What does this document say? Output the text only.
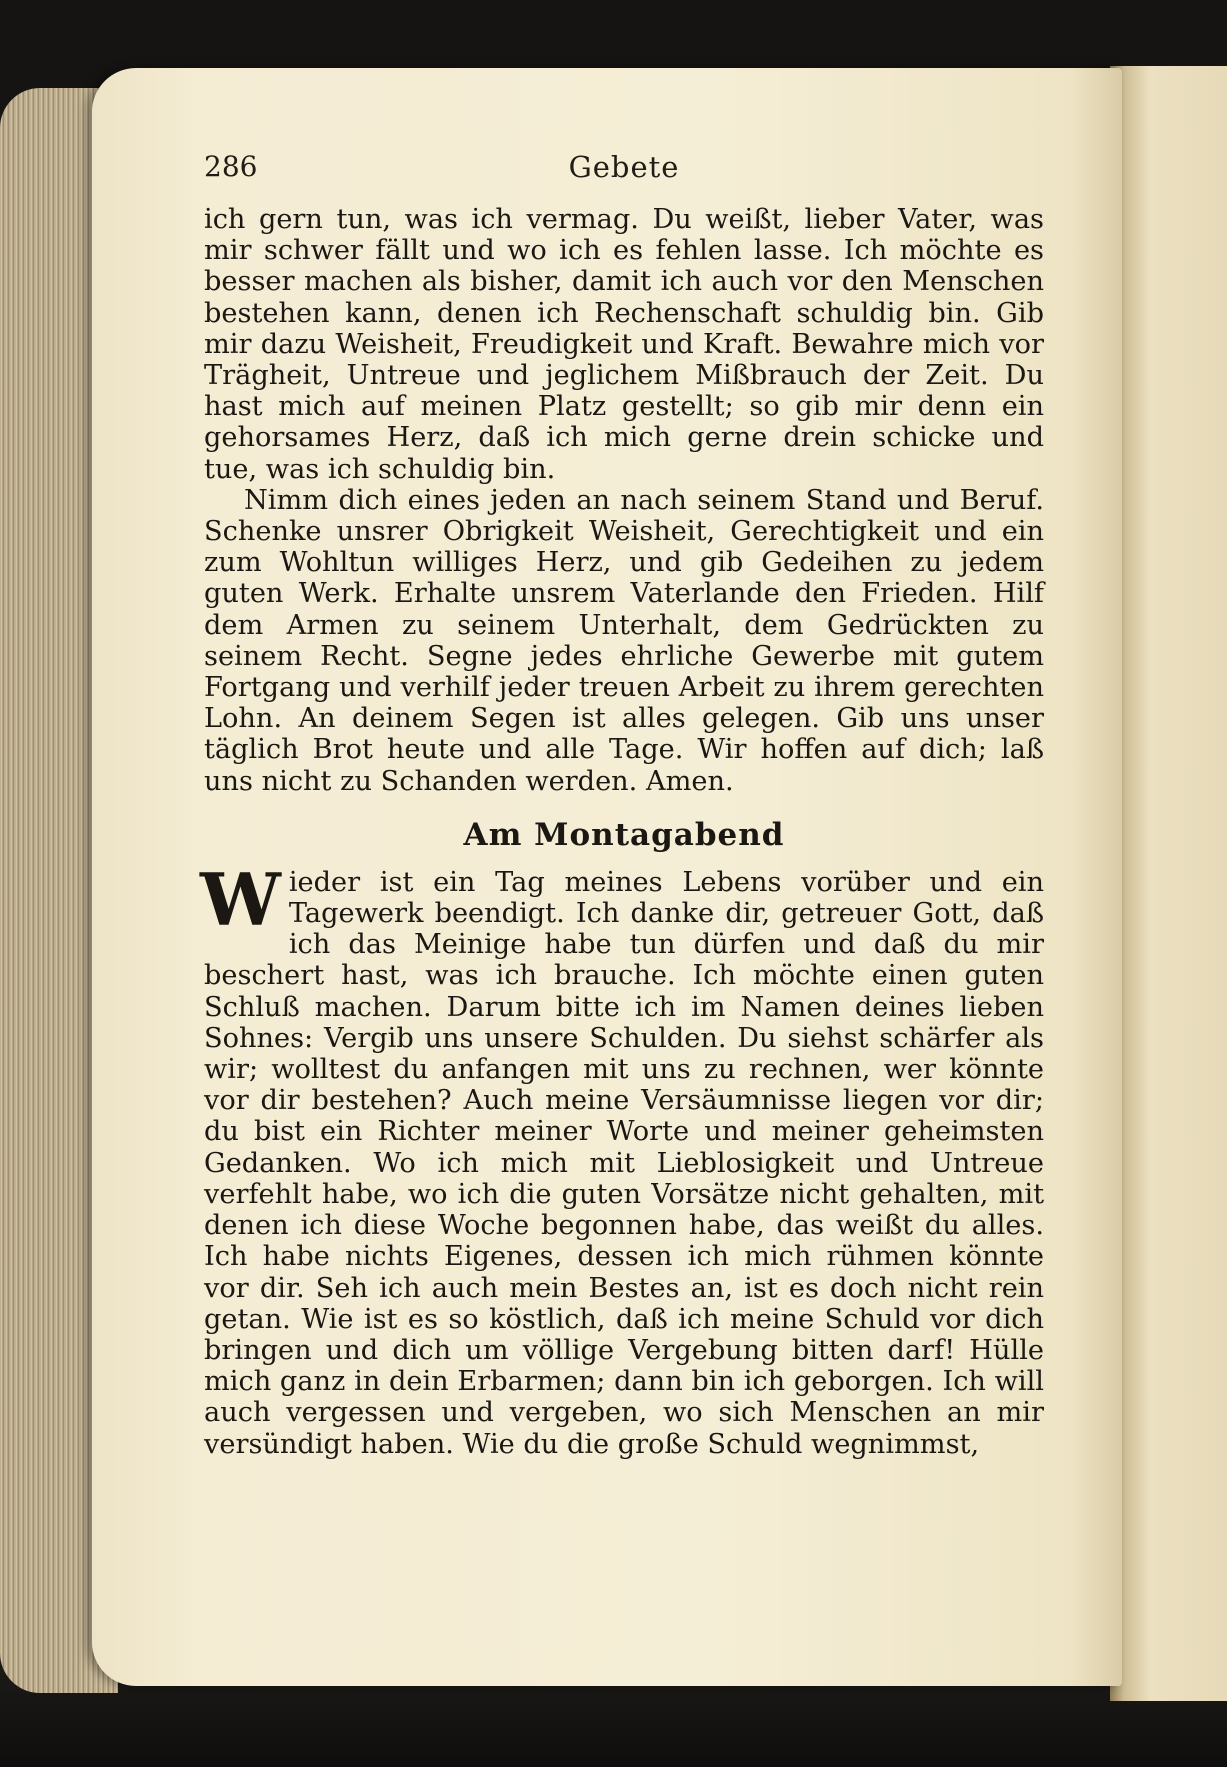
286	Gebete

ich gern tun, was ich vermag. Du weißt, lieber Vater, was mir schwer fällt und wo ich es fehlen lasse. Ich möchte es besser machen als bisher, damit ich auch vor den Menschen bestehen kann, denen ich Rechenschaft schuldig bin. Gib mir dazu Weisheit, Freudigkeit und Kraft. Bewahre mich vor Trägheit, Untreue und jeglichem Mißbrauch der Zeit. Du hast mich auf meinen Platz gestellt; so gib mir denn ein gehorsames Herz, daß ich mich gerne drein schicke und tue, was ich schuldig bin.

Nimm dich eines jeden an nach seinem Stand und Beruf. Schenke unsrer Obrigkeit Weisheit, Gerechtigkeit und ein zum Wohltun williges Herz, und gib Gedeihen zu jedem guten Werk. Erhalte unsrem Vaterlande den Frieden. Hilf dem Armen zu seinem Unterhalt, dem Gedrückten zu seinem Recht. Segne jedes ehrliche Gewerbe mit gutem Fortgang und verhilf jeder treuen Arbeit zu ihrem gerechten Lohn. An deinem Segen ist alles gelegen. Gib uns unser täglich Brot heute und alle Tage. Wir hoffen auf dich; laß uns nicht zu Schanden werden. Amen.

Am Montagabend

Wieder ist ein Tag meines Lebens vorüber und ein Tagewerk beendigt. Ich danke dir, getreuer Gott, daß ich das Meinige habe tun dürfen und daß du mir beschert hast, was ich brauche. Ich möchte einen guten Schluß machen. Darum bitte ich im Namen deines lieben Sohnes: Vergib uns unsere Schulden. Du siehst schärfer als wir; wolltest du anfangen mit uns zu rechnen, wer könnte vor dir bestehen? Auch meine Versäumnisse liegen vor dir; du bist ein Richter meiner Worte und meiner geheimsten Gedanken. Wo ich mich mit Lieblosigkeit und Untreue verfehlt habe, wo ich die guten Vorsätze nicht gehalten, mit denen ich diese Woche begonnen habe, das weißt du alles. Ich habe nichts Eigenes, dessen ich mich rühmen könnte vor dir. Seh ich auch mein Bestes an, ist es doch nicht rein getan. Wie ist es so köstlich, daß ich meine Schuld vor dich bringen und dich um völlige Vergebung bitten darf! Hülle mich ganz in dein Erbarmen; dann bin ich geborgen. Ich will auch vergessen und vergeben, wo sich Menschen an mir versündigt haben. Wie du die große Schuld wegnimmst,
